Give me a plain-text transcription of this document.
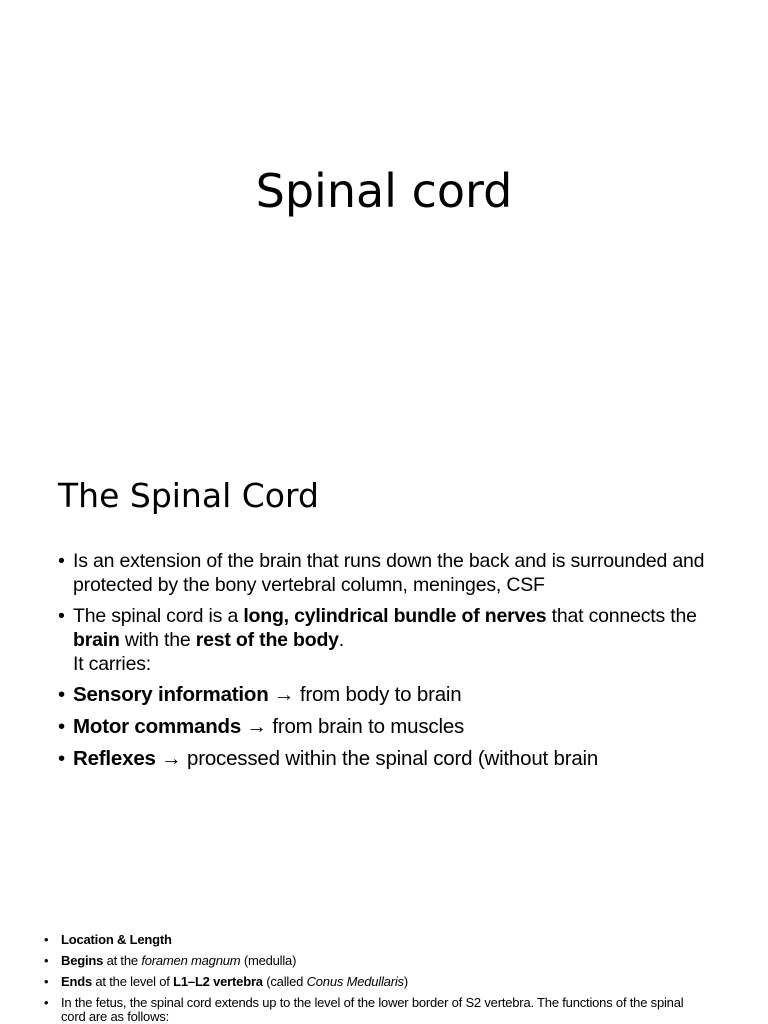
Spinal cord
The Spinal Cord
• Is an extension of the brain that runs down the back and is surrounded and protected by the bony vertebral column, meninges, CSF
• The spinal cord is a long, cylindrical bundle of nerves that connects the brain with the rest of the body.
It carries:
• Sensory information → from body to brain
• Motor commands → from brain to muscles
• Reflexes → processed within the spinal cord (without brain
• Location & Length
• Begins at the foramen magnum (medulla)
• Ends at the level of L1–L2 vertebra (called Conus Medullaris)
• In the fetus, the spinal cord extends up to the level of the lower border of S2 vertebra. The functions of the spinal cord are as follows:
